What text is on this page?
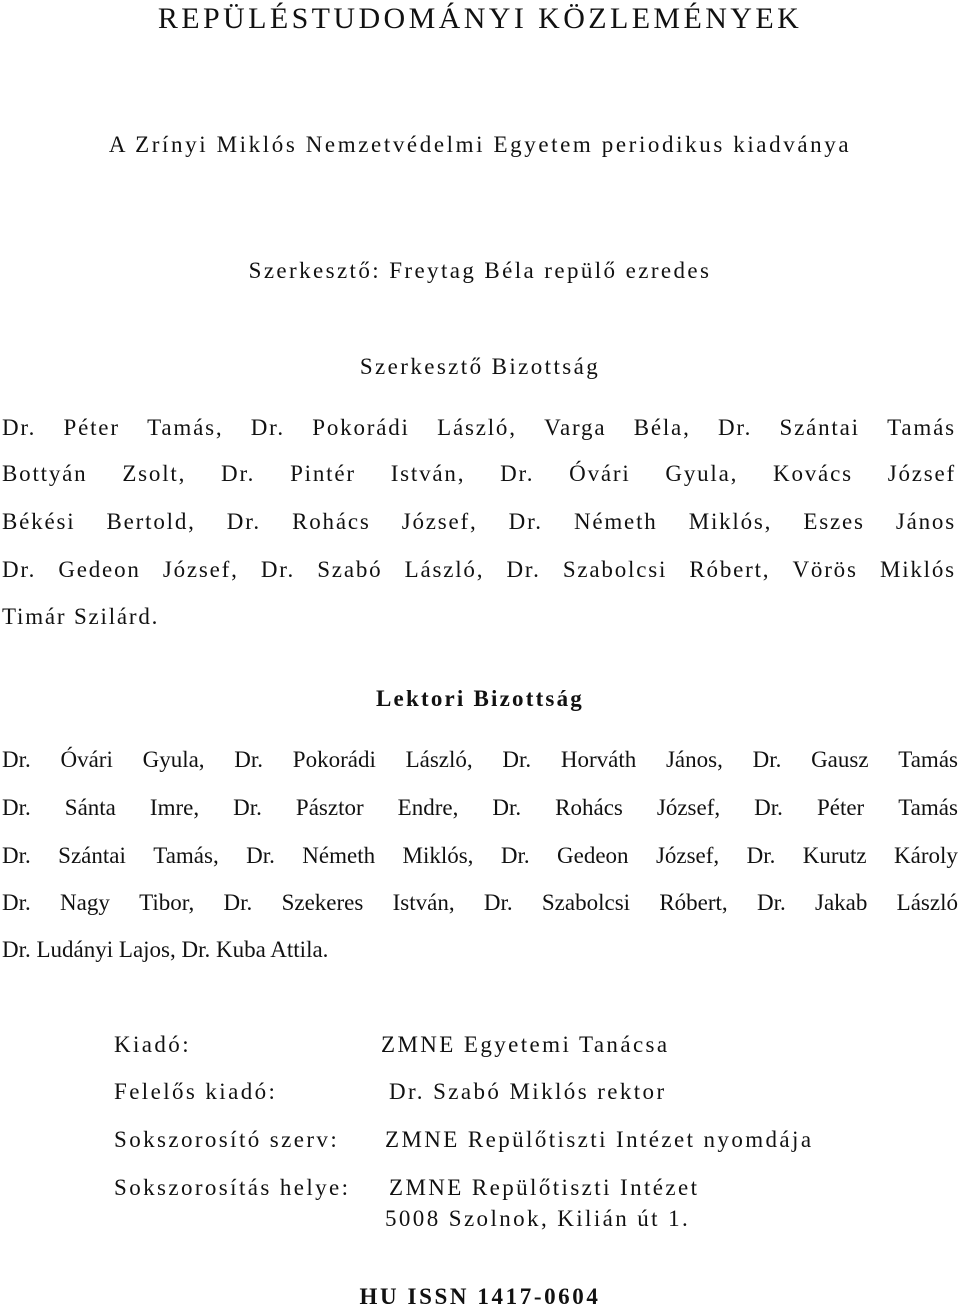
REPÜLÉSTUDOMÁNYI KÖZLEMÉNYEK
A Zrínyi Miklós Nemzetvédelmi Egyetem periodikus kiadványa
Szerkesztő: Freytag Béla repülő ezredes
Szerkesztő Bizottság
Dr. Péter Tamás, Dr. Pokorádi László, Varga Béla, Dr. Szántai Tamás
Bottyán Zsolt, Dr. Pintér István, Dr. Óvári Gyula, Kovács József
Békési Bertold, Dr. Rohács József, Dr. Németh Miklós, Eszes János
Dr. Gedeon József, Dr. Szabó László, Dr. Szabolcsi Róbert, Vörös Miklós
Timár Szilárd.
Lektori Bizottság
Dr. Óvári Gyula, Dr. Pokorádi László, Dr. Horváth János, Dr. Gausz Tamás
Dr. Sánta Imre, Dr. Pásztor Endre, Dr. Rohács József, Dr. Péter Tamás
Dr. Szántai Tamás, Dr. Németh Miklós, Dr. Gedeon József, Dr. Kurutz Károly
Dr. Nagy Tibor, Dr. Szekeres István, Dr. Szabolcsi Róbert, Dr. Jakab László
Dr. Ludányi Lajos, Dr. Kuba Attila.
Kiadó:	ZMNE Egyetemi Tanácsa
Felelős kiadó:	Dr. Szabó Miklós rektor
Sokszorosító szerv: ZMNE Repülőtiszti Intézet nyomdája
Sokszorosítás helye: ZMNE Repülőtiszti Intézet
5008 Szolnok, Kilián út 1.
HU ISSN 1417-0604
